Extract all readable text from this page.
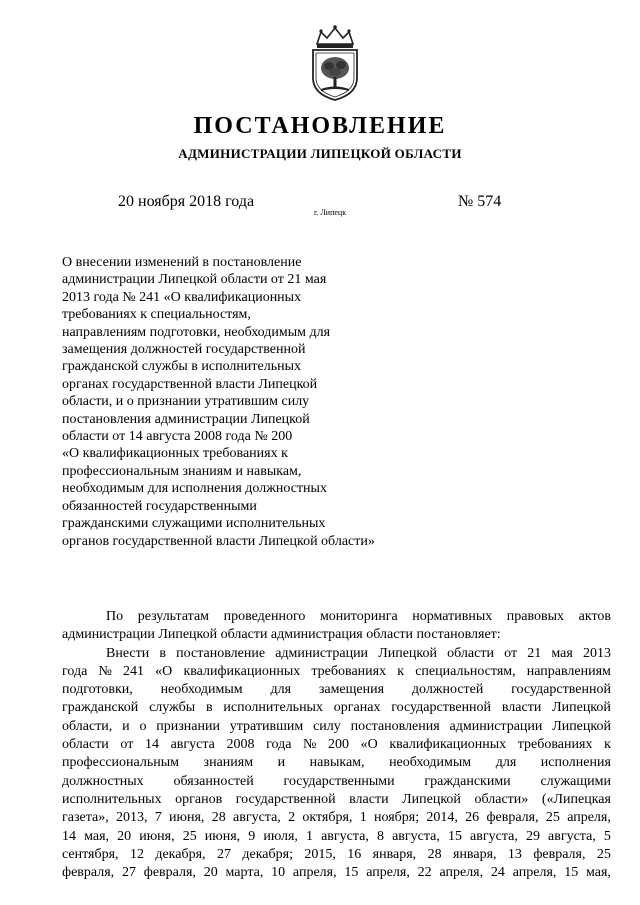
ПОСТАНОВЛЕНИЕ
АДМИНИСТРАЦИИ ЛИПЕЦКОЙ ОБЛАСТИ
20 ноября 2018 года
г. Липецк
№ 574
О внесении изменений в постановление
администрации Липецкой области от 21 мая
2013 года № 241 «О квалификационных
требованиях к специальностям,
направлениям подготовки, необходимым для
замещения должностей государственной
гражданской службы в исполнительных
органах государственной власти Липецкой
области, и о признании утратившим силу
постановления администрации Липецкой
области от 14 августа 2008 года № 200
«О квалификационных требованиях к
профессиональным знаниям и навыкам,
необходимым для исполнения должностных
обязанностей государственными
гражданскими служащими исполнительных
органов государственной власти Липецкой области»
По результатам проведенного мониторинга нормативных правовых актов
администрации Липецкой области администрация области постановляет:
Внести в постановление администрации Липецкой области от 21 мая 2013
года № 241 «О квалификационных требованиях к специальностям, направлениям
подготовки, необходимым для замещения должностей государственной
гражданской службы в исполнительных органах государственной власти Липецкой
области, и о признании утратившим силу постановления администрации Липецкой
области от 14 августа 2008 года № 200 «О квалификационных требованиях к
профессиональным знаниям и навыкам, необходимым для исполнения
должностных обязанностей государственными гражданскими служащими
исполнительных органов государственной власти Липецкой области» («Липецкая
газета», 2013, 7 июня, 28 августа, 2 октября, 1 ноября; 2014, 26 февраля, 25 апреля,
14 мая, 20 июня, 25 июня, 9 июля, 1 августа, 8 августа, 15 августа, 29 августа, 5
сентября, 12 декабря, 27 декабря; 2015, 16 января, 28 января, 13 февраля, 25
февраля, 27 февраля, 20 марта, 10 апреля, 15 апреля, 22 апреля, 24 апреля, 15 мая,
